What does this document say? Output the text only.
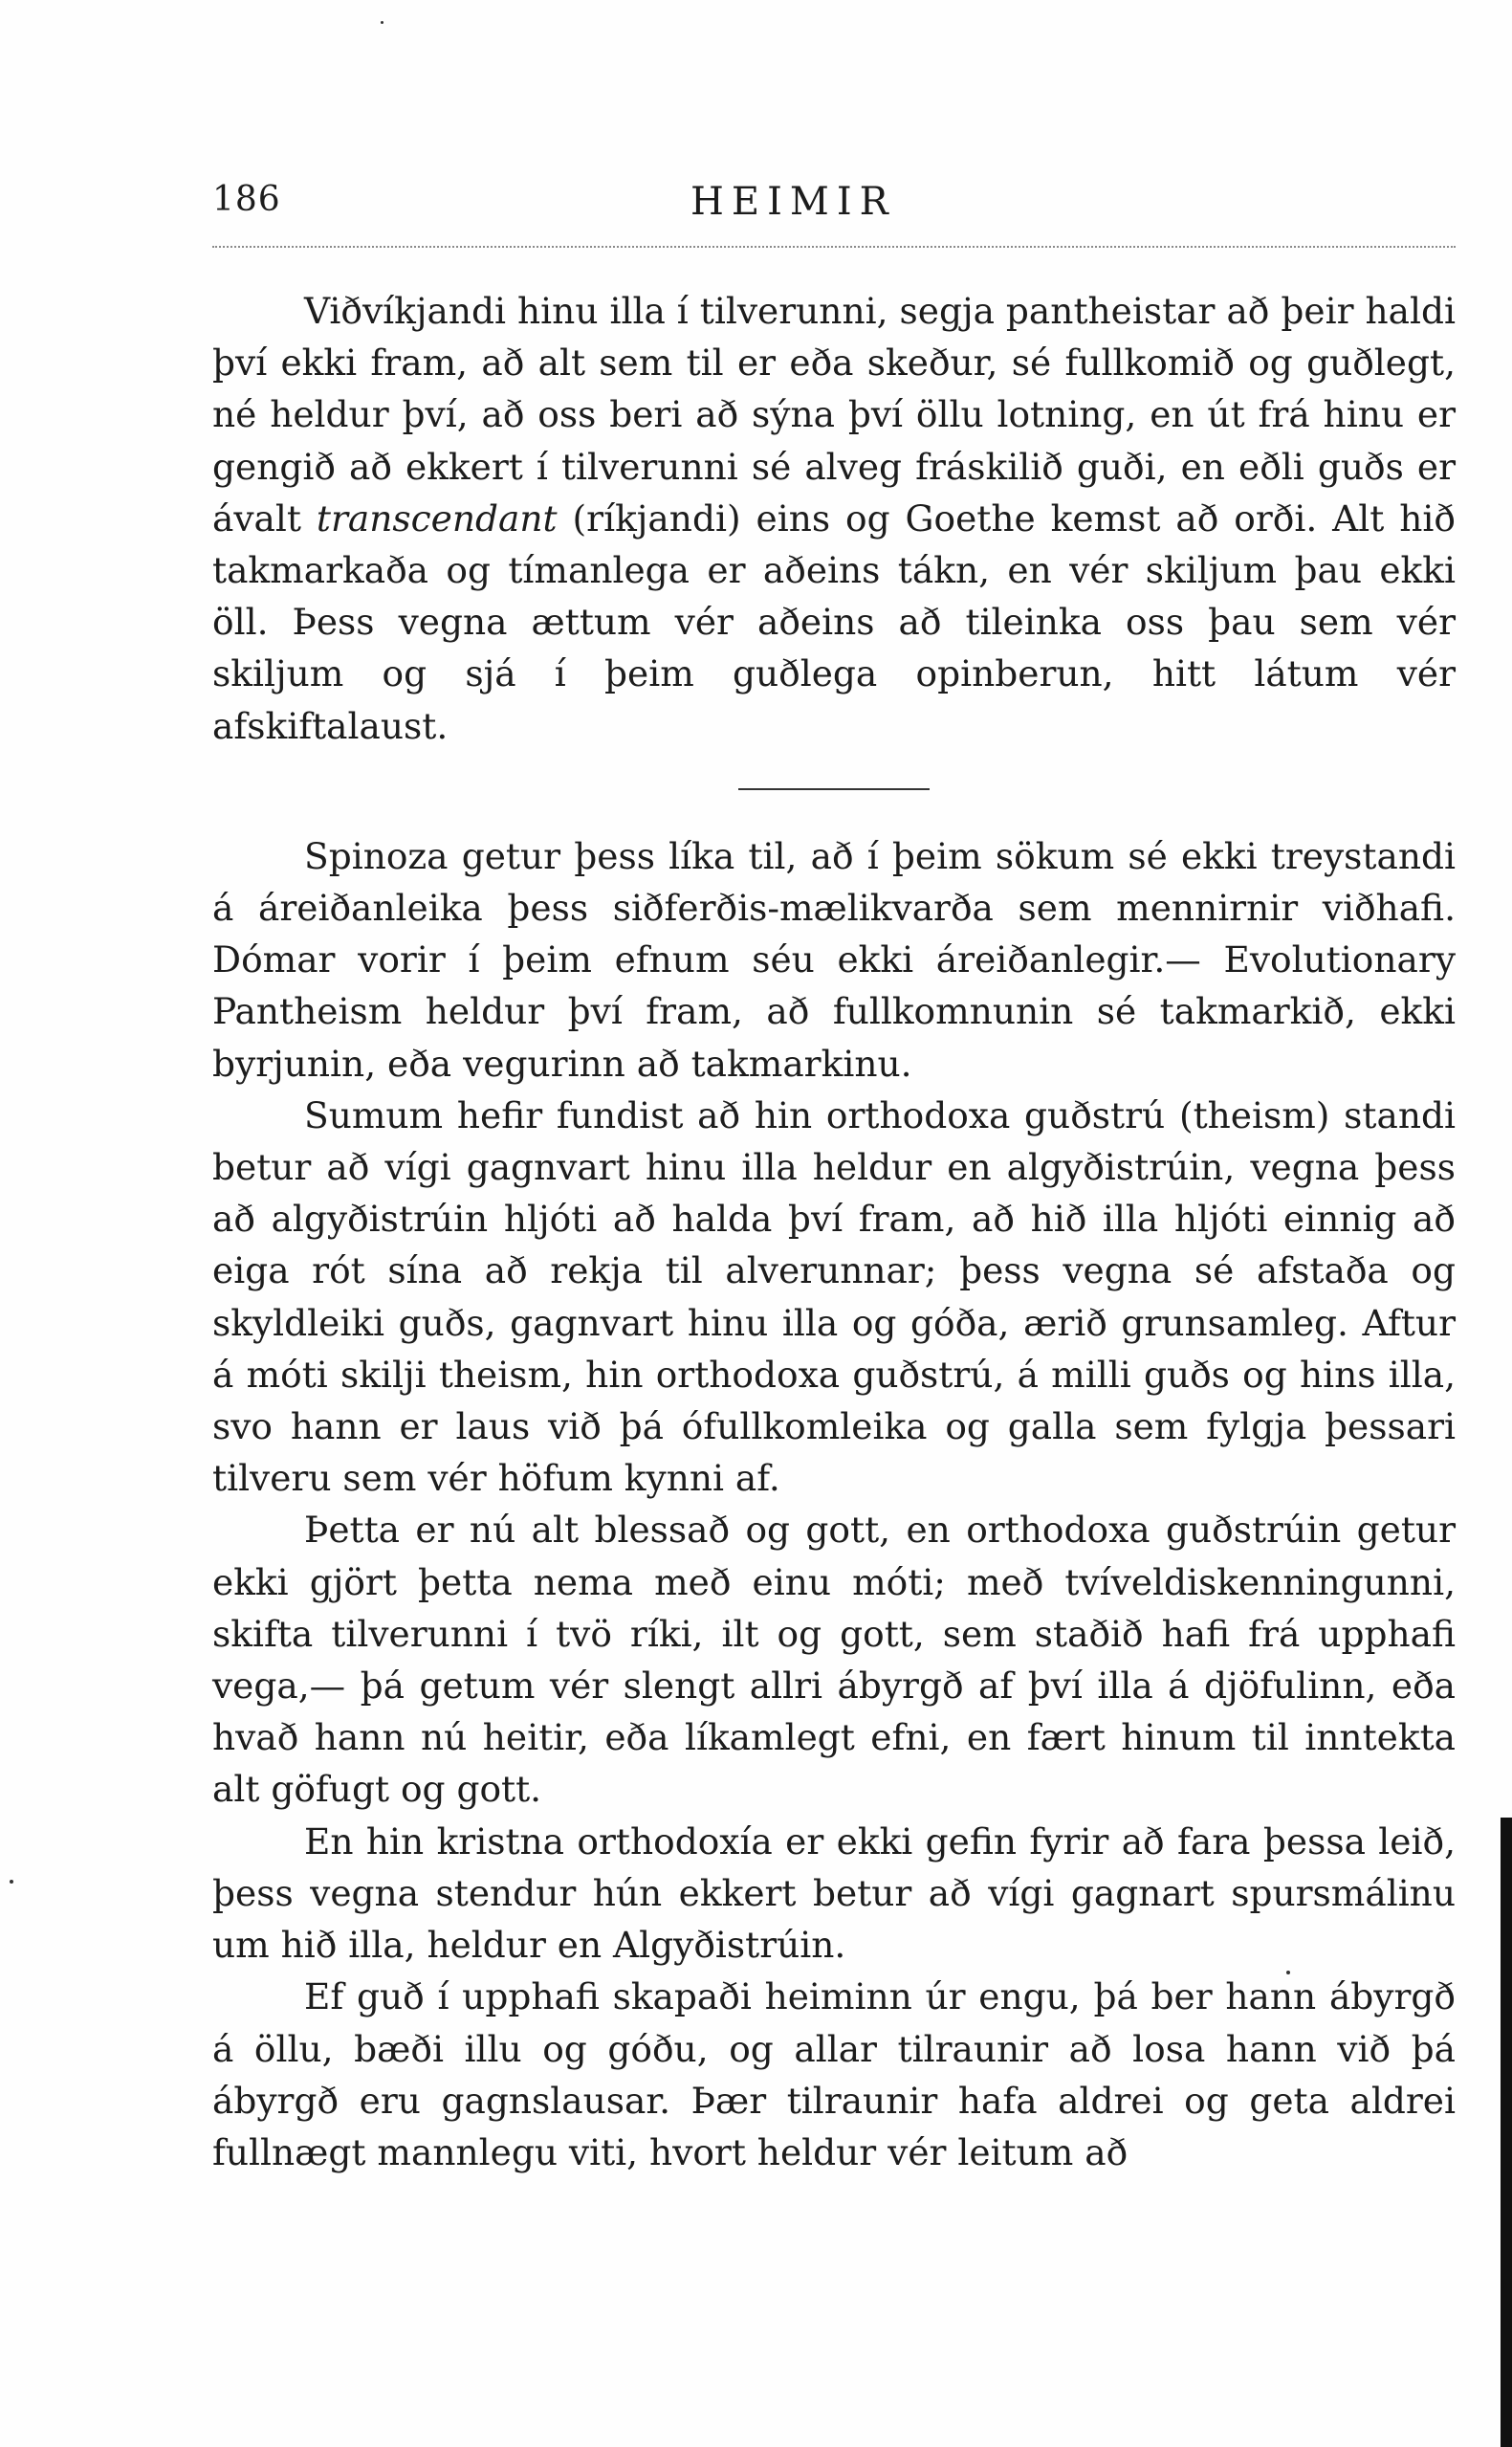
186	HEIMIR

Viðvíkjandi hinu illa í tilverunni, segja pantheistar að þeir haldi því ekki fram, að alt sem til er eða skeður, sé fullkomið og guðlegt, né heldur því, að oss beri að sýna því öllu lotning, en út frá hinu er gengið að ekkert í tilverunni sé alveg fráskilið guði, en eðli guðs er ávalt transcendant (ríkjandi) eins og Goethe kemst að orði. Alt hið takmarkaða og tímanlega er aðeins tákn, en vér skiljum þau ekki öll. Þess vegna ættum vér aðeins að tileinka oss þau sem vér skiljum og sjá í þeim guðlega opinberun, hitt látum vér afskiftalaust.

Spinoza getur þess líka til, að í þeim sökum sé ekki treystandi á áreiðanleika þess siðferðis-mælikvarða sem mennirnir viðhafi. Dómar vorir í þeim efnum séu ekki áreiðanlegir.— Evolutionary Pantheism heldur því fram, að fullkomnunin sé takmarkið, ekki byrjunin, eða vegurinn að takmarkinu.

Sumum hefir fundist að hin orthodoxa guðstrú (theism) standi betur að vígi gagnvart hinu illa heldur en algyðistrúin, vegna þess að algyðistrúin hljóti að halda því fram, að hið illa hljóti einnig að eiga rót sína að rekja til alverunnar; þess vegna sé afstaða og skyldleiki guðs, gagnvart hinu illa og góða, ærið grunsamleg. Aftur á móti skilji theism, hin orthodoxa guðstrú, á milli guðs og hins illa, svo hann er laus við þá ófullkomleika og galla sem fylgja þessari tilveru sem vér höfum kynni af.

Þetta er nú alt blessað og gott, en orthodoxa guðstrúin getur ekki gjört þetta nema með einu móti; með tvíveldiskenningunni, skifta tilverunni í tvö ríki, ilt og gott, sem staðið hafi frá upphafi vega,— þá getum vér slengt allri ábyrgð af því illa á djöfulinn, eða hvað hann nú heitir, eða líkamlegt efni, en fært hinum til inntekta alt göfugt og gott.

En hin kristna orthodoxía er ekki gefin fyrir að fara þessa leið, þess vegna stendur hún ekkert betur að vígi gagnart spursmálinu um hið illa, heldur en Algyðistrúin.

Ef guð í upphafi skapaði heiminn úr engu, þá ber hann ábyrgð á öllu, bæði illu og góðu, og allar tilraunir að losa hann við þá ábyrgð eru gagnslausar. Þær tilraunir hafa aldrei og geta aldrei fullnægt mannlegu viti, hvort heldur vér leitum að
